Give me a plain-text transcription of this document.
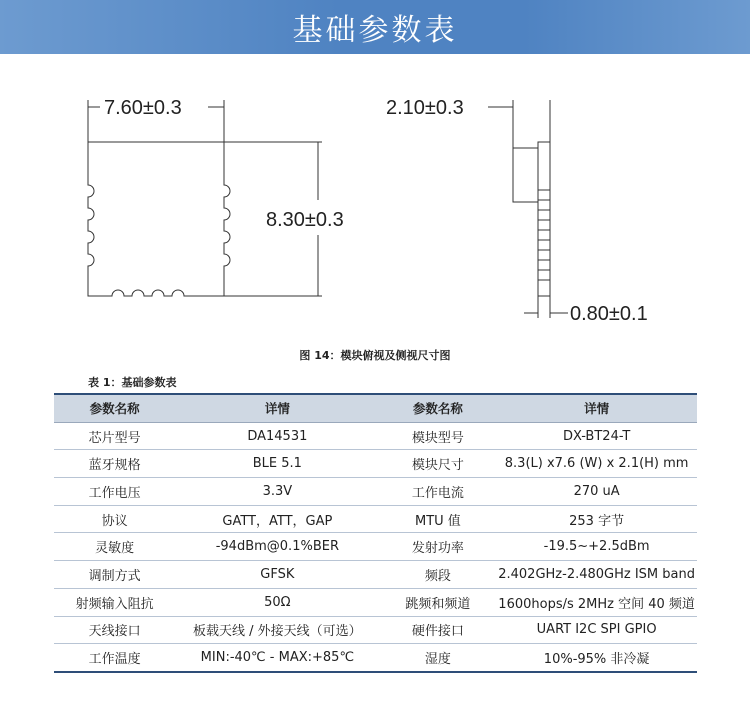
基础参数表
7.60±0.3
8.30±0.3
2.10±0.3
0.80±0.1
图 14：模块俯视及侧视尺寸图
表 1：基础参数表
参数名称	详情	参数名称	详情
芯片型号	DA14531	模块型号	DX-BT24-T
蓝牙规格	BLE 5.1	模块尺寸	8.3(L) x7.6 (W) x 2.1(H) mm
工作电压	3.3V	工作电流	270 uA
协议	GATT，ATT，GAP	MTU 值	253 字节
灵敏度	-94dBm@0.1%BER	发射功率	-19.5~+2.5dBm
调制方式	GFSK	频段	2.402GHz-2.480GHz ISM band
射频输入阻抗	50Ω	跳频和频道	1600hops/s 2MHz 空间 40 频道
天线接口	板载天线 / 外接天线（可选）	硬件接口	UART I2C SPI GPIO
工作温度	MIN:-40℃ - MAX:+85℃	湿度	10%-95% 非冷凝
